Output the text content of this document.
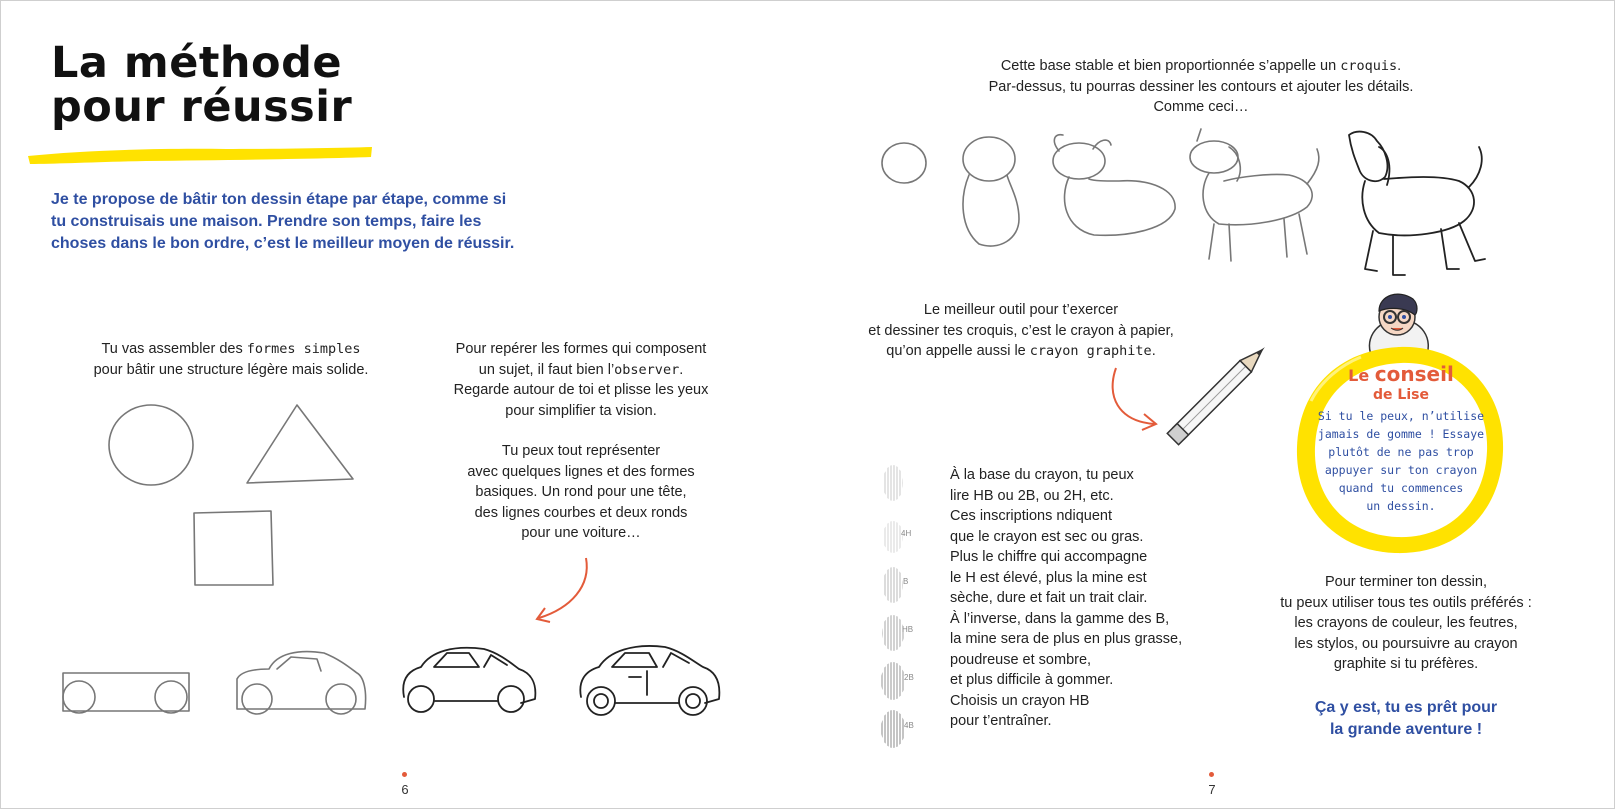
La méthode
pour réussir
Je te propose de bâtir ton dessin étape par étape, comme si tu construisais une maison. Prendre son temps, faire les choses dans le bon ordre, c’est le meilleur moyen de réussir.
Tu vas assembler des formes simples
pour bâtir une structure légère mais solide.
Pour repérer les formes qui composent
un sujet, il faut bien l’observer.
Regarde autour de toi et plisse les yeux
pour simplifier ta vision.
Tu peux tout représenter
avec quelques lignes et des formes
basiques. Un rond pour une tête,
des lignes courbes et deux ronds
pour une voiture…
6
Cette base stable et bien proportionnée s’appelle un croquis.
Par-dessus, tu pourras dessiner les contours et ajouter les détails.
Comme ceci…
Le meilleur outil pour t’exercer
et dessiner tes croquis, c’est le crayon à papier,
qu’on appelle aussi le crayon graphite.
4H
B
HB
2B
4B
À la base du crayon, tu peux
lire HB ou 2B, ou 2H, etc.
Ces inscriptions ndiquent
que le crayon est sec ou gras.
Plus le chiffre qui accompagne
le H est élevé, plus la mine est
sèche, dure et fait un trait clair.
À l’inverse, dans la gamme des B,
la mine sera de plus en plus grasse,
poudreuse et sombre,
et plus difficile à gommer.
Choisis un crayon HB
pour t’entraîner.
Le conseil
de Lise
Si tu le peux, n’utilise
jamais de gomme ! Essaye
plutôt de ne pas trop
appuyer sur ton crayon
quand tu commences
un dessin.
Pour terminer ton dessin,
tu peux utiliser tous tes outils préférés :
les crayons de couleur, les feutres,
les stylos, ou poursuivre au crayon
graphite si tu préfères.
Ça y est, tu es prêt pour
la grande aventure !
7
